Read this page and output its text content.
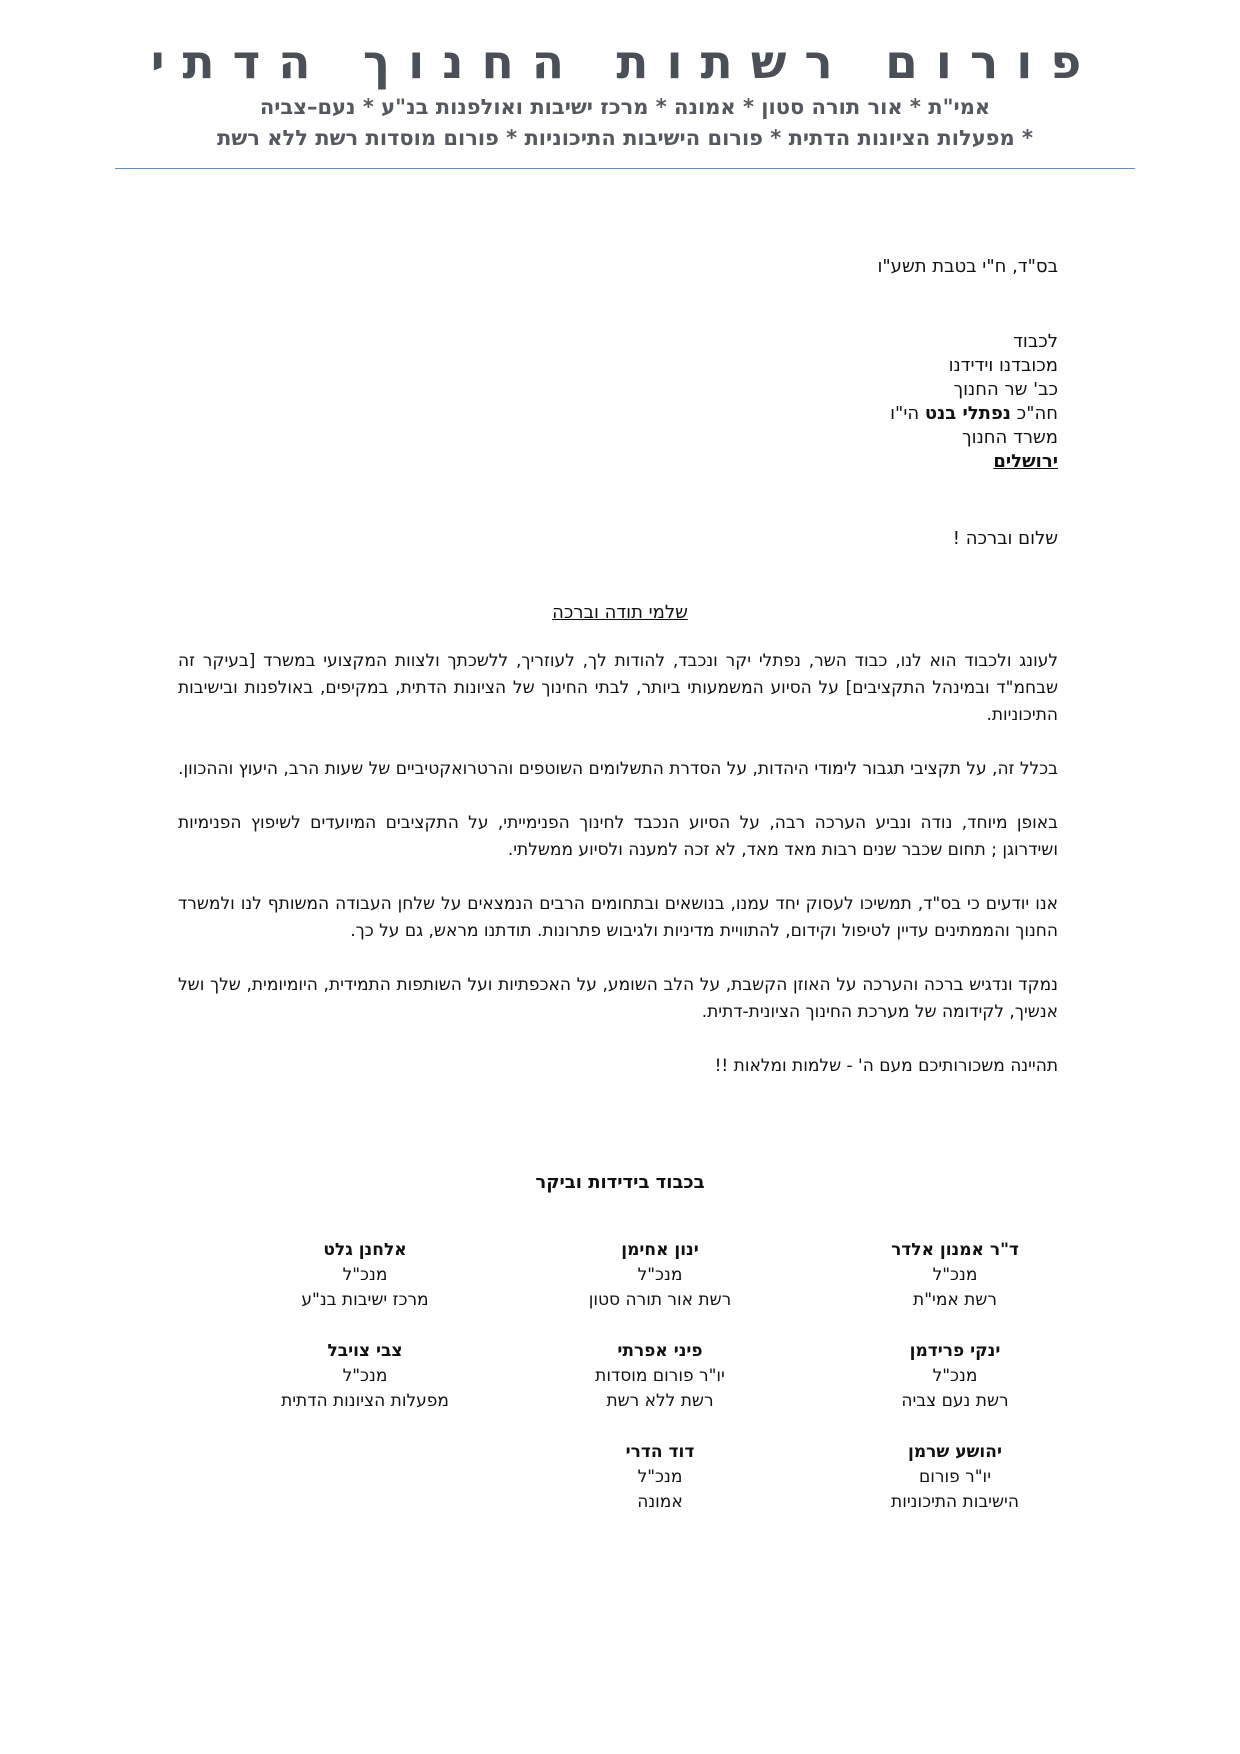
פורום רשתות החנוך הדתי
אמי"ת * אור תורה סטון * אמונה * מרכז ישיבות ואולפנות בנ"ע * נעם–צביה
* מפעלות הציונות הדתית * פורום הישיבות התיכוניות * פורום מוסדות רשת ללא רשת
בס"ד, ח"י בטבת תשע"ו
לכבוד
מכובדנו וידידנו
כב' שר החנוך
חה"כ נפתלי בנט הי"ו
משרד החנוך
ירושלים
שלום וברכה !
שלמי תודה וברכה

לעונג ולכבוד הוא לנו, כבוד השר, נפתלי יקר ונכבד, להודות לך, לעוזריך, ללשכתך ולצוות המקצועי במשרד [בעיקר זה שבחמ"ד ובמינהל התקציבים] על הסיוע המשמעותי ביותר, לבתי החינוך של הציונות הדתית, במקיפים, באולפנות ובישיבות התיכוניות.

בכלל זה, על תקציבי תגבור לימודי היהדות, על הסדרת התשלומים השוטפים והרטרואקטיביים של שעות הרב, היעוץ וההכוון.

באופן מיוחד, נודה ונביע הערכה רבה, על הסיוע הנכבד לחינוך הפנימייתי, על התקציבים המיועדים לשיפוץ הפנימיות ושידרוגן ; תחום שכבר שנים רבות מאד מאד, לא זכה למענה ולסיוע ממשלתי.

אנו יודעים כי בס"ד, תמשיכו לעסוק יחד עמנו, בנושאים ובתחומים הרבים הנמצאים על שלחן העבודה המשותף לנו ולמשרד החנוך והממתינים עדיין לטיפול וקידום, להתוויית מדיניות ולגיבוש פתרונות. תודתנו מראש, גם על כך.

נמקד ונדגיש ברכה והערכה על האוזן הקשבת, על הלב השומע, על האכפתיות ועל השותפות התמידית, היומיומית, שלך ושל אנשיך, לקידומה של מערכת החינוך הציונית-דתית.

תהיינה משכורותיכם מעם ה' - שלמות ומלאות !!

בכבוד בידידות וביקר
ד"ר אמנון אלדר
מנכ"ל
רשת אמי"ת
ינון אחימן
מנכ"ל
רשת אור תורה סטון
אלחנן גלט
מנכ"ל
מרכז ישיבות בנ"ע
ינקי פרידמן
מנכ"ל
רשת נעם צביה
פיני אפרתי
יו"ר פורום מוסדות
רשת ללא רשת
צבי צויבל
מנכ"ל
מפעלות הציונות הדתית
יהושע שרמן
יו"ר פורום
הישיבות התיכוניות
דוד הדרי
מנכ"ל
אמונה
